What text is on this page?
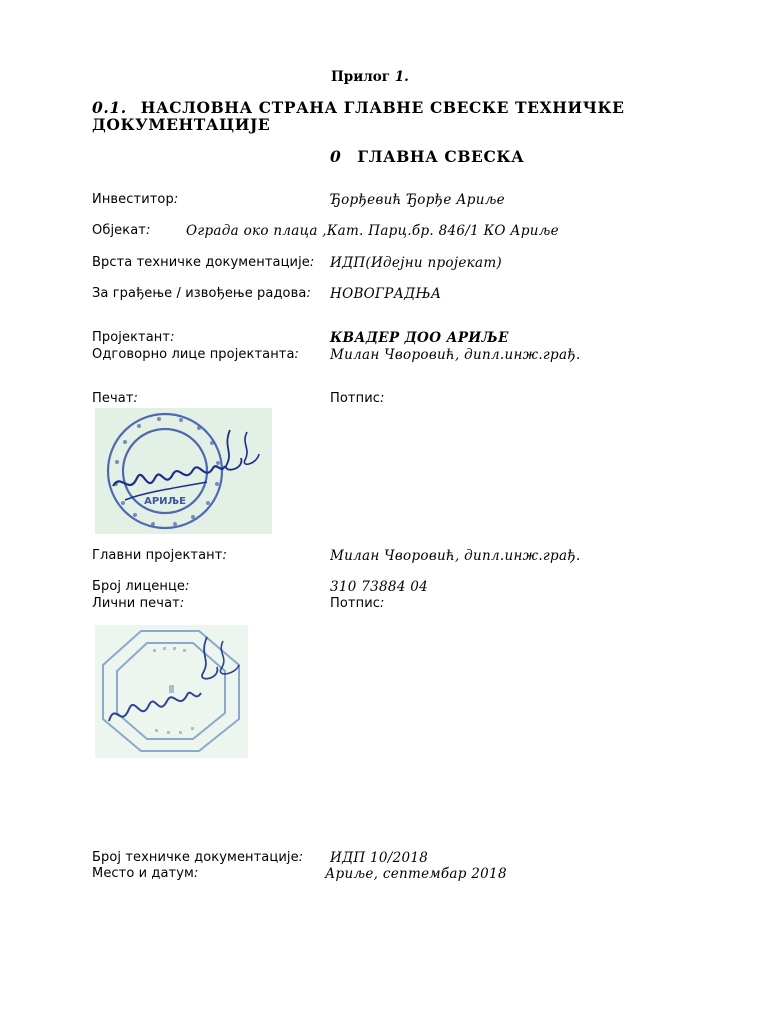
Прилог 1.
0.1. НАСЛОВНА СТРАНА ГЛАВНЕ СВЕСКЕ ТЕХНИЧКЕ
ДОКУМЕНТАЦИЈЕ
0 ГЛАВНА СВЕСКА
Инвеститор:	Ђорђевић Ђорђе Ариље
Објекат:	Ограда око плаца ,Кат. Парц.бр. 846/1 КО Ариље
Врста техничке документације: ИДП(Идејни пројекат)
За грађење / извођење радова: НОВОГРАДЊА
Пројектант:	КВАДЕР ДОО АРИЉЕ
Одговорно лице пројектанта: Милан Чворовић, дипл.инж.грађ.
Печат:	Потпис:
АРИЉЕ
Главни пројектант:	Милан Чворовић, дипл.инж.грађ.
Број лиценце:	310 73884 04
Лични печат:	Потпис:
Број техничке документације: ИДП 10/2018
Место и датум:	Ариље, септембар 2018
